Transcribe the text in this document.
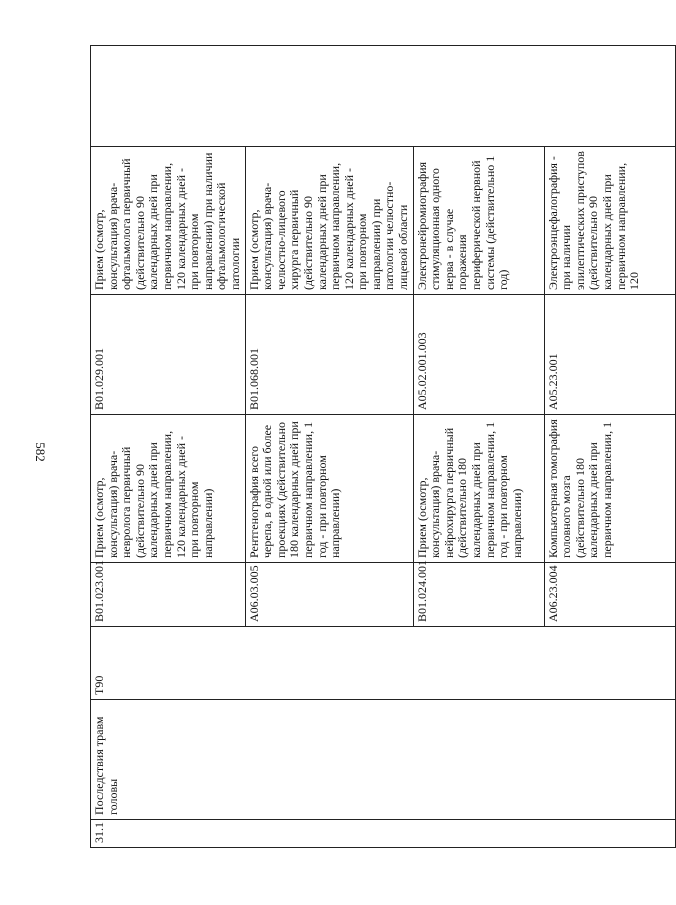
582
31.1	Последствия травм головы	T90	B01.023.001	Прием (осмотр, консультация) врача-невролога первичный (действительно 90 календарных дней при первичном направлении, 120 календарных дней - при повторном направлении)	B01.029.001	Прием (осмотр, консультация) врача-офтальмолога первичный (действительно 90 календарных дней при первичном направлении, 120 календарных дней - при повторном направлении) при наличии офтальмологической патологии	
			A06.03.005	Рентгенография всего черепа, в одной или более проекциях (действительно 180 календарных дней при первичном направлении, 1 год - при повторном направлении)	B01.068.001	Прием (осмотр, консультация) врача-челюстно-лицевого хирурга первичный (действительно 90 календарных дней при первичном направлении, 120 календарных дней - при повторном направлении) при патологии челюстно-лицевой области	
			B01.024.001	Прием (осмотр, консультация) врача-нейрохирурга первичный (действительно 180 календарных дней при первичном направлении, 1 год - при повторном направлении)	A05.02.001.003	Электронейромиография стимуляционная одного нерва - в случае поражения периферической нервной системы (действительно 1 год)	
			A06.23.004	Компьютерная томография головного мозга (действительно 180 календарных дней при первичном направлении, 1	A05.23.001	Электроэнцефалография - при наличии эпилептических приступов (действительно 90 календарных дней при первичном направлении, 120	
